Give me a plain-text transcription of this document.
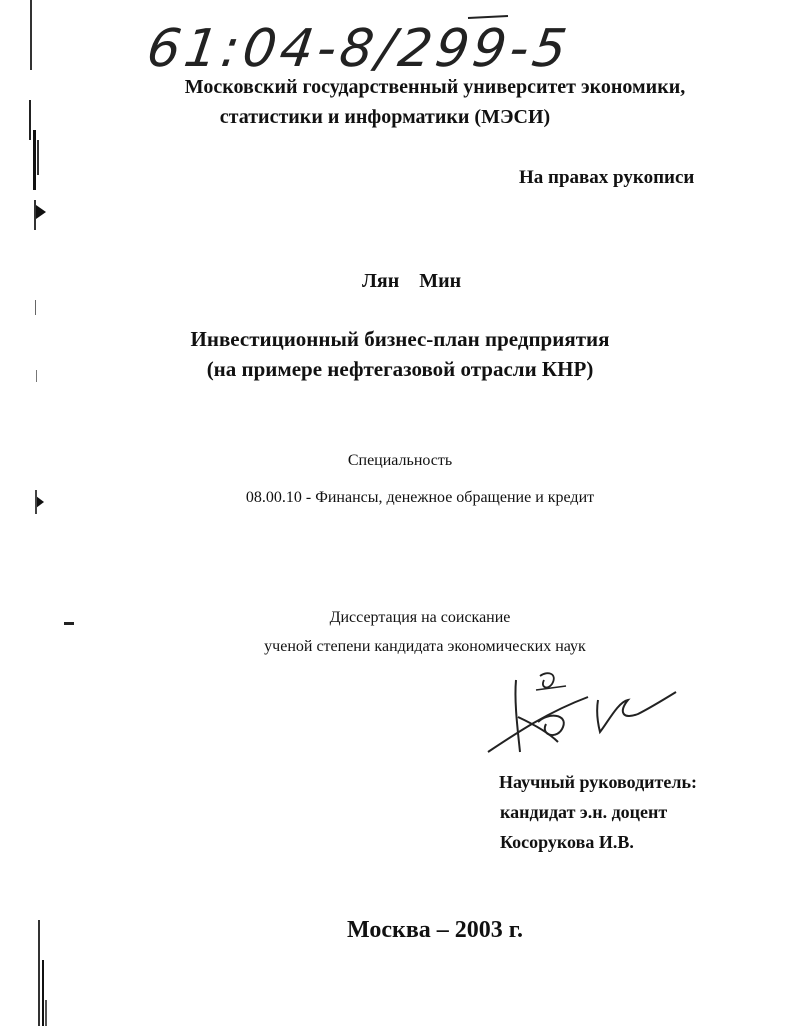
61:04-8/299-5
Московский государственный университет экономики,
статистики и информатики (МЭСИ)
На правах рукописи
Лян    Мин
Инвестиционный бизнес-план предприятия
(на примере нефтегазовой отрасли КНР)
Специальность
08.00.10 - Финансы, денежное обращение и кредит
Диссертация на соискание
ученой степени кандидата экономических наук
Научный руководитель:
кандидат э.н. доцент
Косорукова И.В.
Москва – 2003 г.
